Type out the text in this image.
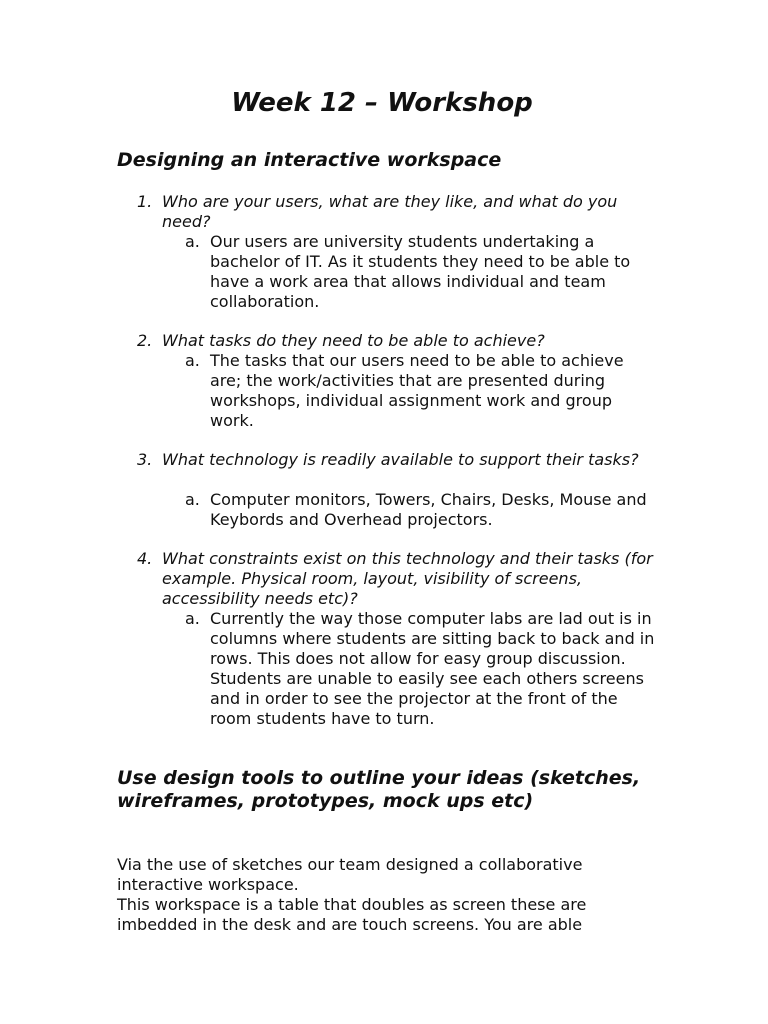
Week 12 – Workshop
Designing an interactive workspace
1. Who are your users, what are they like, and what do you need?
a. Our users are university students undertaking a bachelor of IT. As it students they need to be able to have a work area that allows individual and team collaboration.
2. What tasks do they need to be able to achieve?
a. The tasks that our users need to be able to achieve are; the work/activities that are presented during workshops, individual assignment work and group work.
3. What technology is readily available to support their tasks?
a. Computer monitors, Towers, Chairs, Desks, Mouse and Keybords and Overhead projectors.
4. What constraints exist on this technology and their tasks (for example. Physical room, layout, visibility of screens, accessibility needs etc)?
a. Currently the way those computer labs are lad out is in columns where students are sitting back to back and in rows. This does not allow for easy group discussion. Students are unable to easily see each others screens and in order to see the projector at the front of the room students have to turn.
Use design tools to outline your ideas (sketches, wireframes, prototypes, mock ups etc)
Via the use of sketches our team designed a collaborative interactive workspace.
This workspace is a table that doubles as screen these are imbedded in the desk and are touch screens. You are able
